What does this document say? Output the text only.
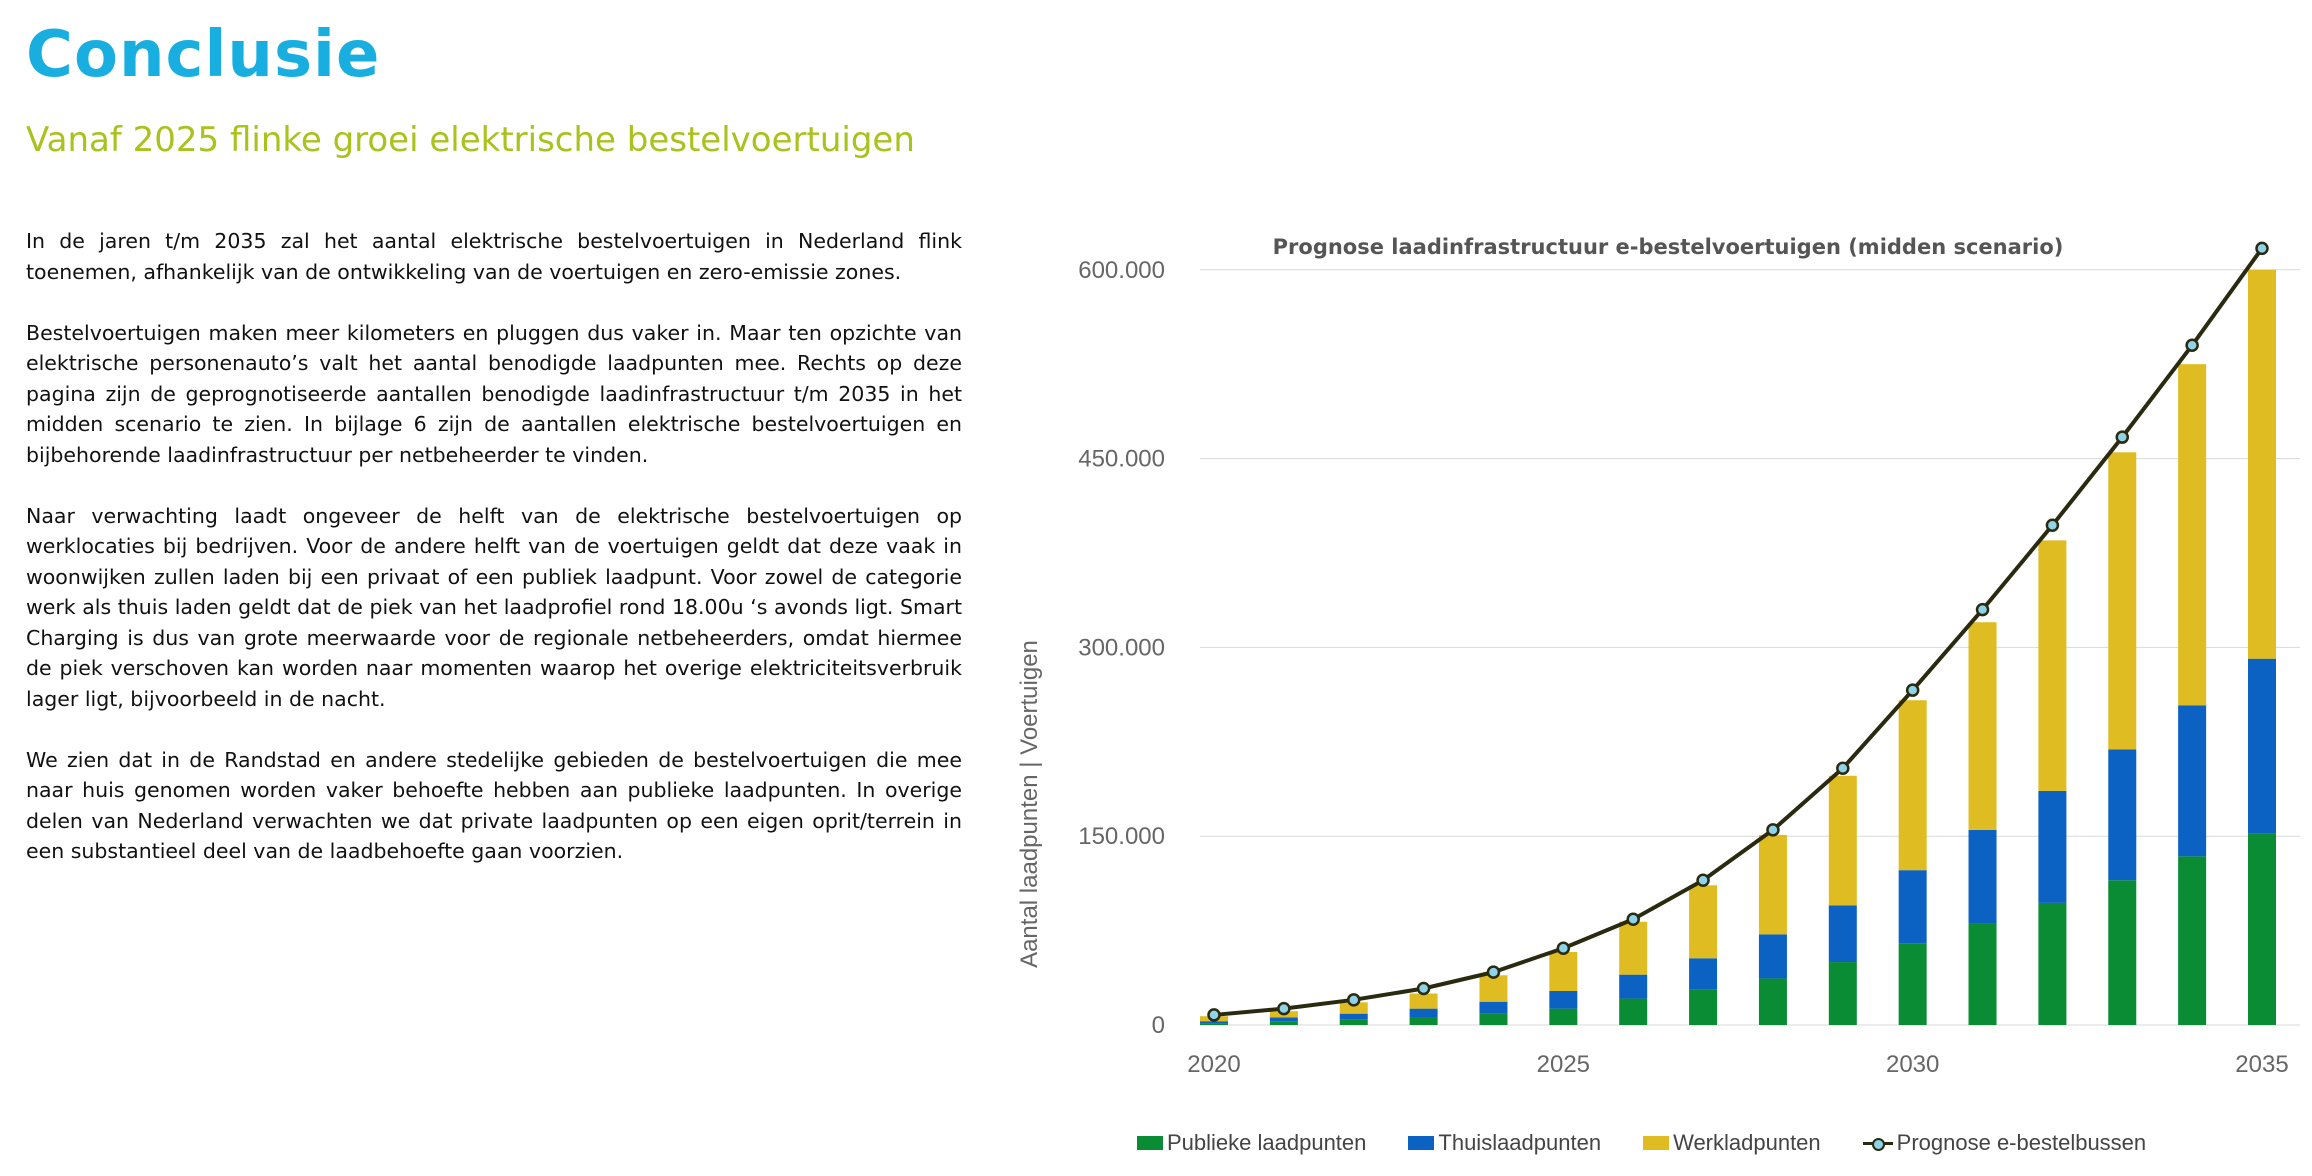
Conclusie
Vanaf 2025 flinke groei elektrische bestelvoertuigen

In de jaren t/m 2035 zal het aantal elektrische bestelvoertuigen in Nederland flink toenemen, afhankelijk van de ontwikkeling van de voertuigen en zero-emissie zones.

Bestelvoertuigen maken meer kilometers en pluggen dus vaker in. Maar ten opzichte van elektrische personenauto’s valt het aantal benodigde laadpunten mee. Rechts op deze pagina zijn de geprognotiseerde aantallen benodigde laadinfrastructuur t/m 2035 in het midden scenario te zien. In bijlage 6 zijn de aantallen elektrische bestelvoertuigen en bijbehorende laadinfrastructuur per netbeheerder te vinden.

Naar verwachting laadt ongeveer de helft van de elektrische bestelvoertuigen op werklocaties bij bedrijven. Voor de andere helft van de voertuigen geldt dat deze vaak in woonwijken zullen laden bij een privaat of een publiek laadpunt. Voor zowel de categorie werk als thuis laden geldt dat de piek van het laadprofiel rond 18.00u ‘s avonds ligt. Smart Charging is dus van grote meerwaarde voor de regionale netbeheerders, omdat hiermee de piek verschoven kan worden naar momenten waarop het overige elektriciteitsverbruik lager ligt, bijvoorbeeld in de nacht.

We zien dat in de Randstad en andere stedelijke gebieden de bestelvoertuigen die mee naar huis genomen worden vaker behoefte hebben aan publieke laadpunten. In overige delen van Nederland verwachten we dat private laadpunten op een eigen oprit/terrein in een substantieel deel van de laadbehoefte gaan voorzien.

Prognose laadinfrastructuur e-bestelvoertuigen (midden scenario)
Aantal laadpunten | Voertuigen
0
150.000
300.000
450.000
600.000
2020	2025	2030	2035
Publieke laadpunten	Thuislaadpunten	Werkladpunten	Prognose e-bestelbussen
